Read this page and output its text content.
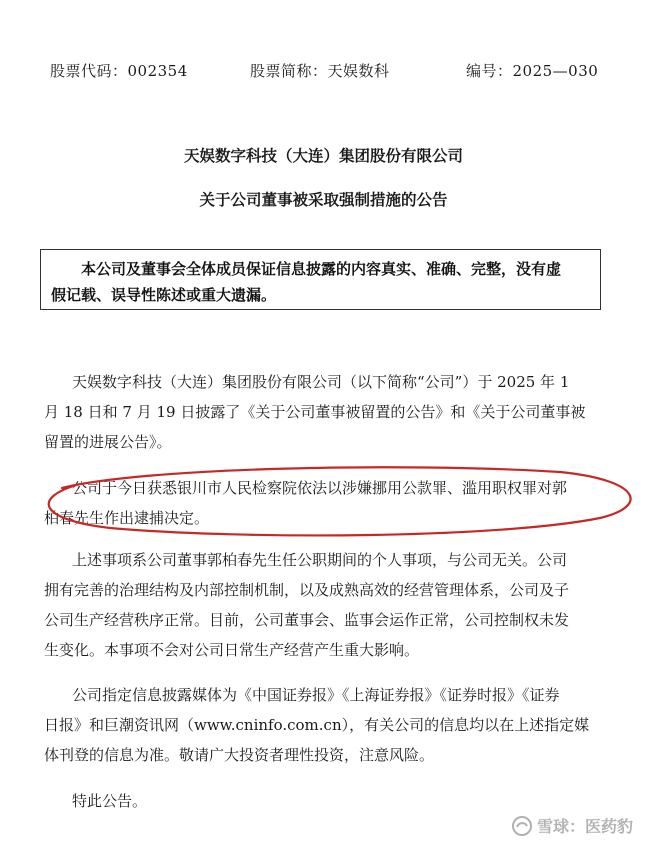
股票代码：002354	股票简称：天娱数科	编号：2025—030
天娱数字科技（大连）集团股份有限公司
关于公司董事被采取强制措施的公告
本公司及董事会全体成员保证信息披露的内容真实、准确、完整，没有虚
假记载、误导性陈述或重大遗漏。
天娱数字科技（大连）集团股份有限公司（以下简称“公司”）于 2025 年 1
月 18 日和 7 月 19 日披露了《关于公司董事被留置的公告》和《关于公司董事被
留置的进展公告》。
公司于今日获悉银川市人民检察院依法以涉嫌挪用公款罪、滥用职权罪对郭
柏春先生作出逮捕决定。
上述事项系公司董事郭柏春先生任公职期间的个人事项，与公司无关。公司
拥有完善的治理结构及内部控制机制，以及成熟高效的经营管理体系，公司及子
公司生产经营秩序正常。目前，公司董事会、监事会运作正常，公司控制权未发
生变化。本事项不会对公司日常生产经营产生重大影响。
公司指定信息披露媒体为《中国证券报》《上海证券报》《证券时报》《证券
日报》和巨潮资讯网（www.cninfo.com.cn），有关公司的信息均以在上述指定媒
体刊登的信息为准。敬请广大投资者理性投资，注意风险。
特此公告。
雪球：医药豹
